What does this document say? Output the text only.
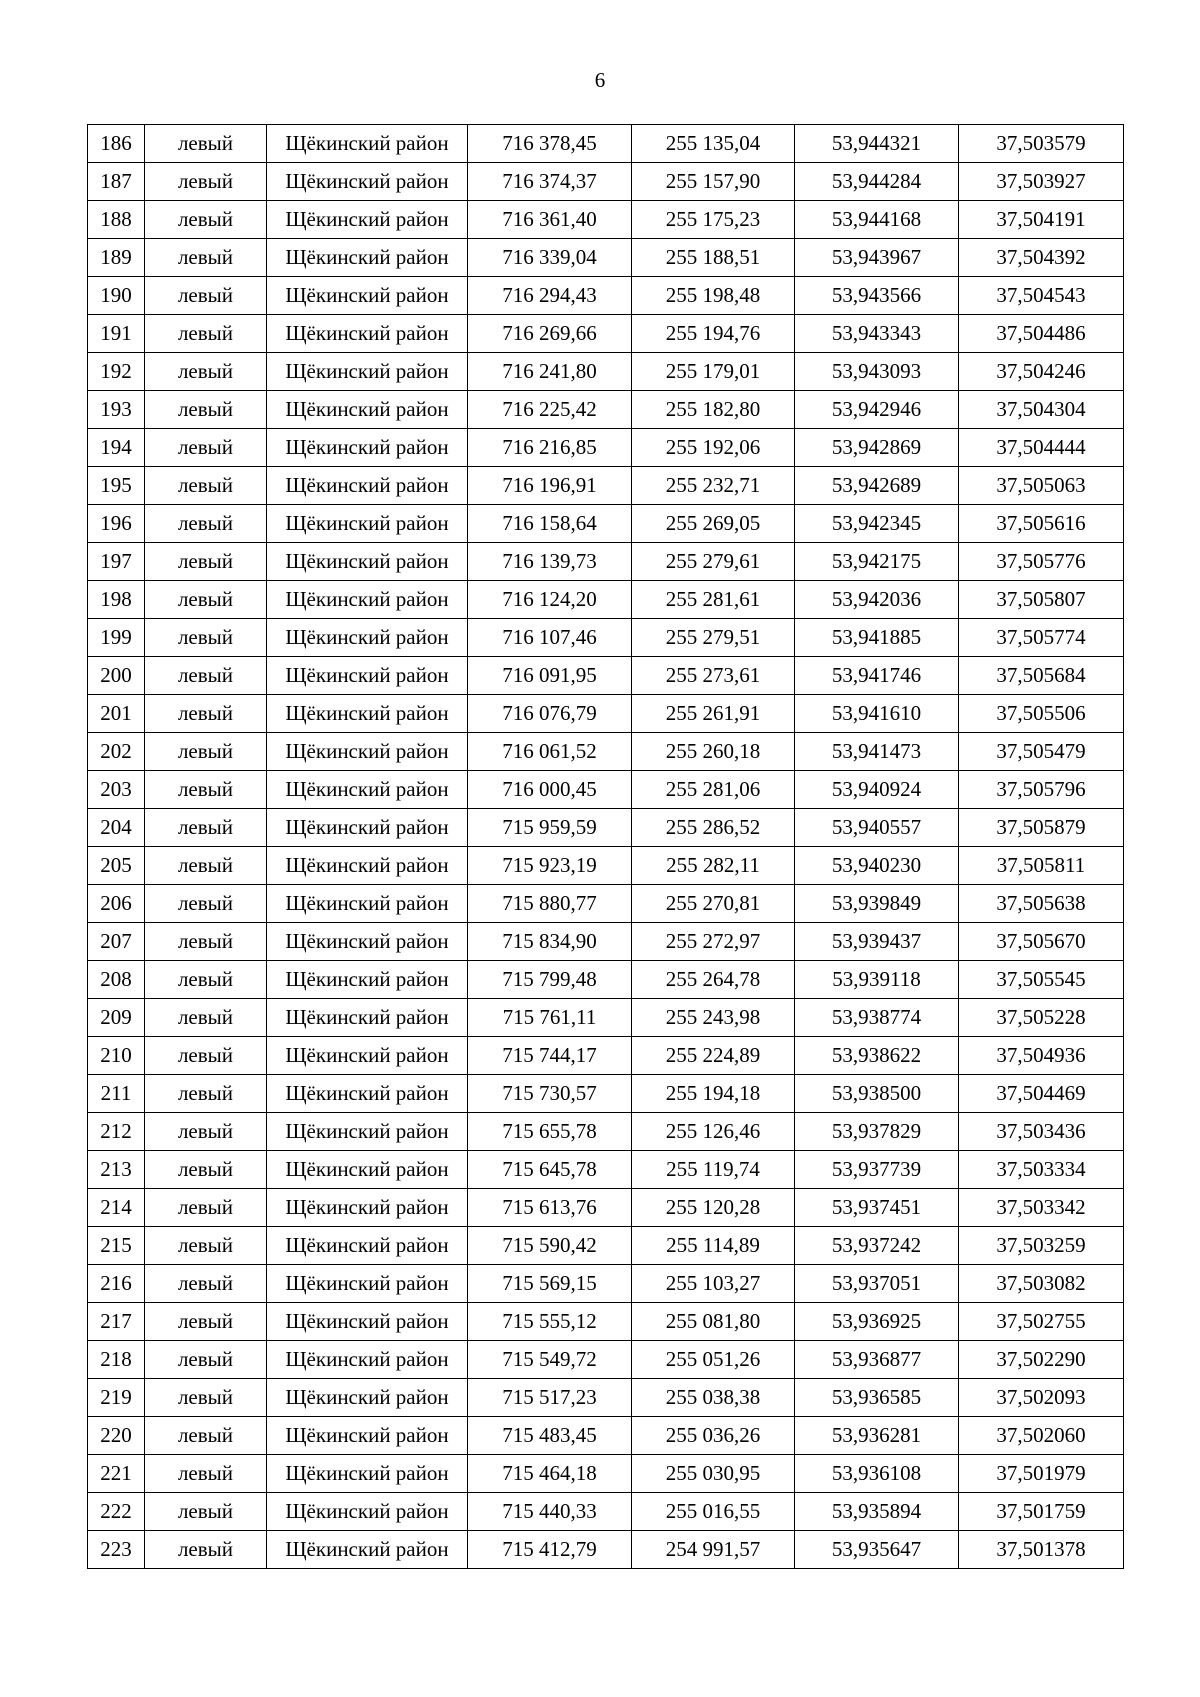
6
186	левый	Щёкинский район	716 378,45	255 135,04	53,944321	37,503579
187	левый	Щёкинский район	716 374,37	255 157,90	53,944284	37,503927
188	левый	Щёкинский район	716 361,40	255 175,23	53,944168	37,504191
189	левый	Щёкинский район	716 339,04	255 188,51	53,943967	37,504392
190	левый	Щёкинский район	716 294,43	255 198,48	53,943566	37,504543
191	левый	Щёкинский район	716 269,66	255 194,76	53,943343	37,504486
192	левый	Щёкинский район	716 241,80	255 179,01	53,943093	37,504246
193	левый	Щёкинский район	716 225,42	255 182,80	53,942946	37,504304
194	левый	Щёкинский район	716 216,85	255 192,06	53,942869	37,504444
195	левый	Щёкинский район	716 196,91	255 232,71	53,942689	37,505063
196	левый	Щёкинский район	716 158,64	255 269,05	53,942345	37,505616
197	левый	Щёкинский район	716 139,73	255 279,61	53,942175	37,505776
198	левый	Щёкинский район	716 124,20	255 281,61	53,942036	37,505807
199	левый	Щёкинский район	716 107,46	255 279,51	53,941885	37,505774
200	левый	Щёкинский район	716 091,95	255 273,61	53,941746	37,505684
201	левый	Щёкинский район	716 076,79	255 261,91	53,941610	37,505506
202	левый	Щёкинский район	716 061,52	255 260,18	53,941473	37,505479
203	левый	Щёкинский район	716 000,45	255 281,06	53,940924	37,505796
204	левый	Щёкинский район	715 959,59	255 286,52	53,940557	37,505879
205	левый	Щёкинский район	715 923,19	255 282,11	53,940230	37,505811
206	левый	Щёкинский район	715 880,77	255 270,81	53,939849	37,505638
207	левый	Щёкинский район	715 834,90	255 272,97	53,939437	37,505670
208	левый	Щёкинский район	715 799,48	255 264,78	53,939118	37,505545
209	левый	Щёкинский район	715 761,11	255 243,98	53,938774	37,505228
210	левый	Щёкинский район	715 744,17	255 224,89	53,938622	37,504936
211	левый	Щёкинский район	715 730,57	255 194,18	53,938500	37,504469
212	левый	Щёкинский район	715 655,78	255 126,46	53,937829	37,503436
213	левый	Щёкинский район	715 645,78	255 119,74	53,937739	37,503334
214	левый	Щёкинский район	715 613,76	255 120,28	53,937451	37,503342
215	левый	Щёкинский район	715 590,42	255 114,89	53,937242	37,503259
216	левый	Щёкинский район	715 569,15	255 103,27	53,937051	37,503082
217	левый	Щёкинский район	715 555,12	255 081,80	53,936925	37,502755
218	левый	Щёкинский район	715 549,72	255 051,26	53,936877	37,502290
219	левый	Щёкинский район	715 517,23	255 038,38	53,936585	37,502093
220	левый	Щёкинский район	715 483,45	255 036,26	53,936281	37,502060
221	левый	Щёкинский район	715 464,18	255 030,95	53,936108	37,501979
222	левый	Щёкинский район	715 440,33	255 016,55	53,935894	37,501759
223	левый	Щёкинский район	715 412,79	254 991,57	53,935647	37,501378
